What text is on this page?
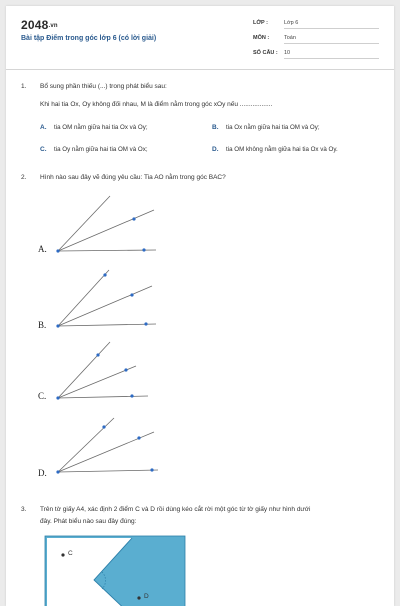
2048.vn
Bài tập Điểm trong góc lớp 6 (có lời giải)
LỚP :	Lớp 6
MÔN :	Toán
SỐ CÂU : 10
1. Bổ sung phần thiếu (...) trong phát biểu sau:
Khi hai tia Ox, Oy không đối nhau, M là điểm nằm trong góc xOy nếu ..................
A. tia OM nằm giữa hai tia Ox và Oy;	B. tia Ox nằm giữa hai tia OM và Oy;
C. tia Oy nằm giữa hai tia OM và Ox;	D. tia OM không nằm giữa hai tia Ox và Oy.
2. Hình nào sau đây vẽ đúng yêu cầu: Tia AO nằm trong góc BAC?
A.
B.
C.
D.
3. Trên tờ giấy A4, xác định 2 điểm C và D rồi dùng kéo cắt rời một góc từ tờ giấy như hình dưới
đây. Phát biểu nào sau đây đúng:
C
D
